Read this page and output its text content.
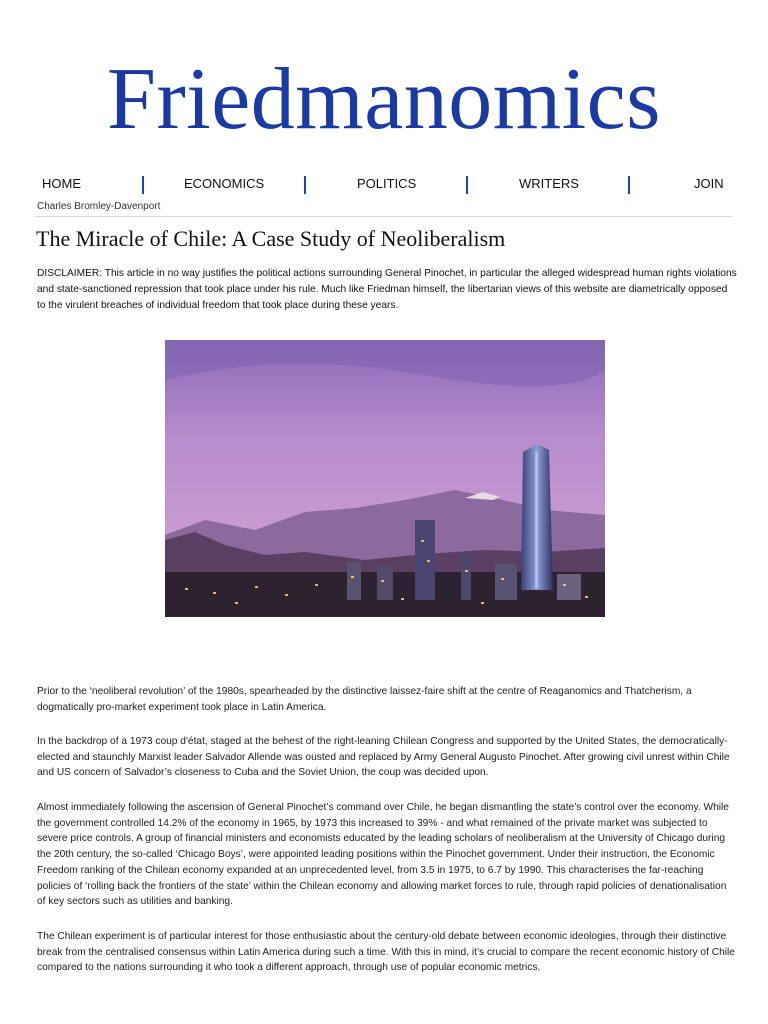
Friedmanomics
HOME	ECONOMICS	POLITICS	WRITERS	JOIN
Charles Bromley-Davenport
The Miracle of Chile: A Case Study of Neoliberalism

DISCLAIMER: This article in no way justifies the political actions surrounding General Pinochet, in particular the alleged widespread human rights violations and state-sanctioned repression that took place under his rule. Much like Friedman himself, the libertarian views of this website are diametrically opposed to the virulent breaches of individual freedom that took place during these years.

Prior to the ‘neoliberal revolution’ of the 1980s, spearheaded by the distinctive laissez-faire shift at the centre of Reaganomics and Thatcherism, a dogmatically pro-market experiment took place in Latin America.

In the backdrop of a 1973 coup d'état, staged at the behest of the right-leaning Chilean Congress and supported by the United States, the democratically-elected and staunchly Marxist leader Salvador Allende was ousted and replaced by Army General Augusto Pinochet. After growing civil unrest within Chile and US concern of Salvador’s closeness to Cuba and the Soviet Union, the coup was decided upon.

Almost immediately following the ascension of General Pinochet’s command over Chile, he began dismantling the state’s control over the economy. While the government controlled 14.2% of the economy in 1965, by 1973 this increased to 39% - and what remained of the private market was subjected to severe price controls. A group of financial ministers and economists educated by the leading scholars of neoliberalism at the University of Chicago during the 20th century, the so-called ‘Chicago Boys’, were appointed leading positions within the Pinochet government. Under their instruction, the Economic Freedom ranking of the Chilean economy expanded at an unprecedented level, from 3.5 in 1975, to 6.7 by 1990. This characterises the far-reaching policies of ‘rolling back the frontiers of the state’ within the Chilean economy and allowing market forces to rule, through rapid policies of denationalisation of key sectors such as utilities and banking.

The Chilean experiment is of particular interest for those enthusiastic about the century-old debate between economic ideologies, through their distinctive break from the centralised consensus within Latin America during such a time. With this in mind, it’s crucial to compare the recent economic history of Chile compared to the nations surrounding it who took a different approach, through use of popular economic metrics.
